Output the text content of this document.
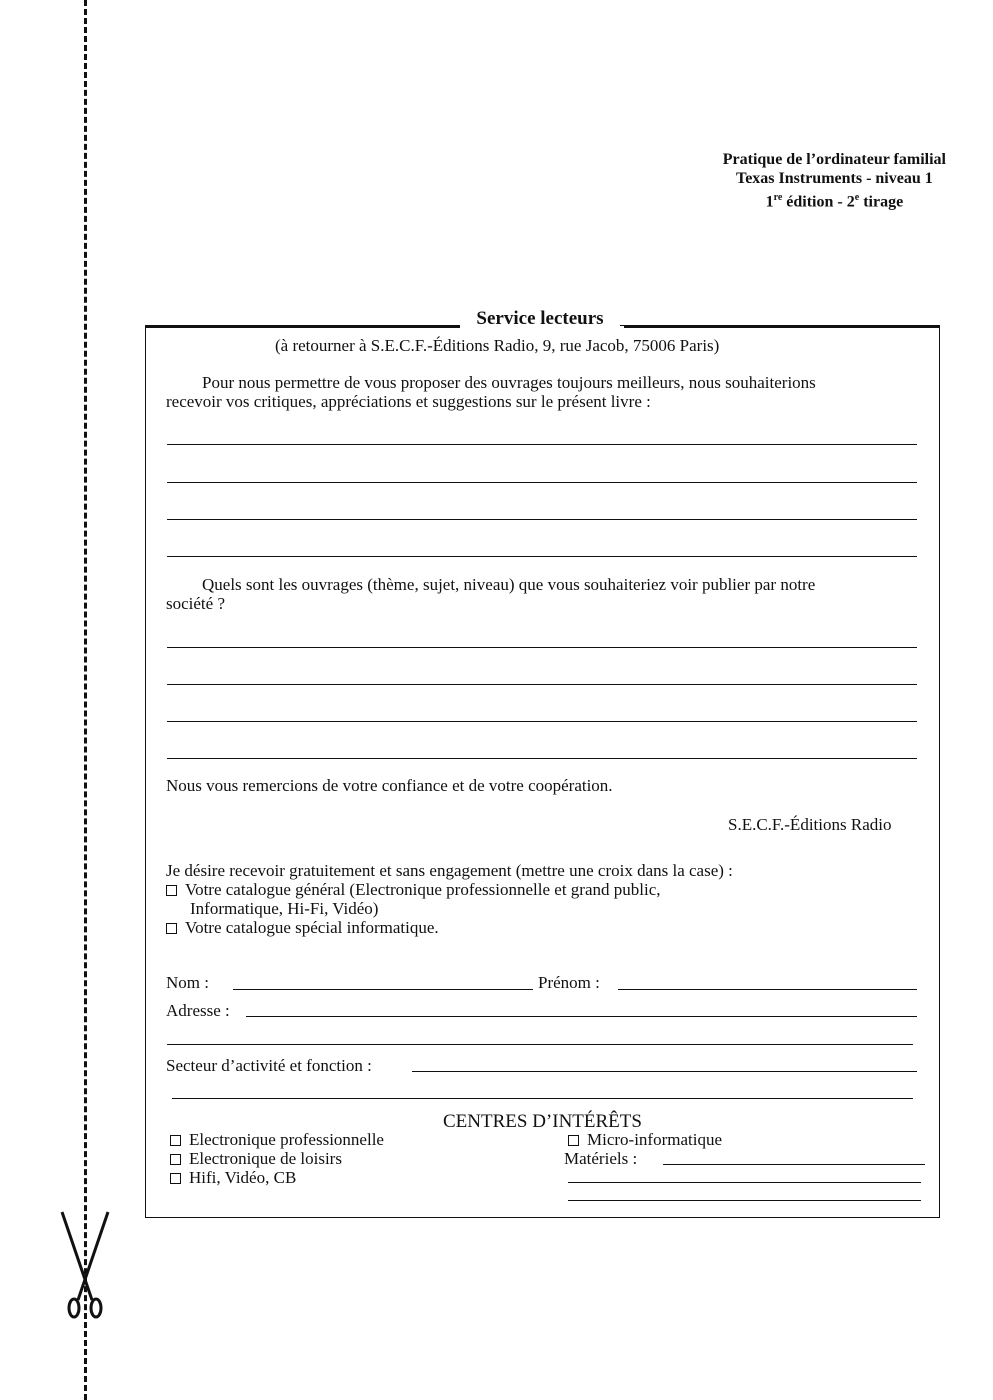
Pratique de l’ordinateur familial
Texas Instruments - niveau 1
1re édition - 2e tirage
Service lecteurs
(à retourner à S.E.C.F.-Éditions Radio, 9, rue Jacob, 75006 Paris)
Pour nous permettre de vous proposer des ouvrages toujours meilleurs, nous souhaiterions
recevoir vos critiques, appréciations et suggestions sur le présent livre :
Quels sont les ouvrages (thème, sujet, niveau) que vous souhaiteriez voir publier par notre
société ?
Nous vous remercions de votre confiance et de votre coopération.
S.E.C.F.-Éditions Radio
Je désire recevoir gratuitement et sans engagement (mettre une croix dans la case) :
Votre catalogue général (Electronique professionnelle et grand public,
Informatique, Hi-Fi, Vidéo)
Votre catalogue spécial informatique.
Nom :	Prénom :
Adresse :
Secteur d’activité et fonction :
CENTRES D’INTÉRÊTS
Electronique professionnelle
Electronique de loisirs
Hifi, Vidéo, CB
Micro-informatique
Matériels :
